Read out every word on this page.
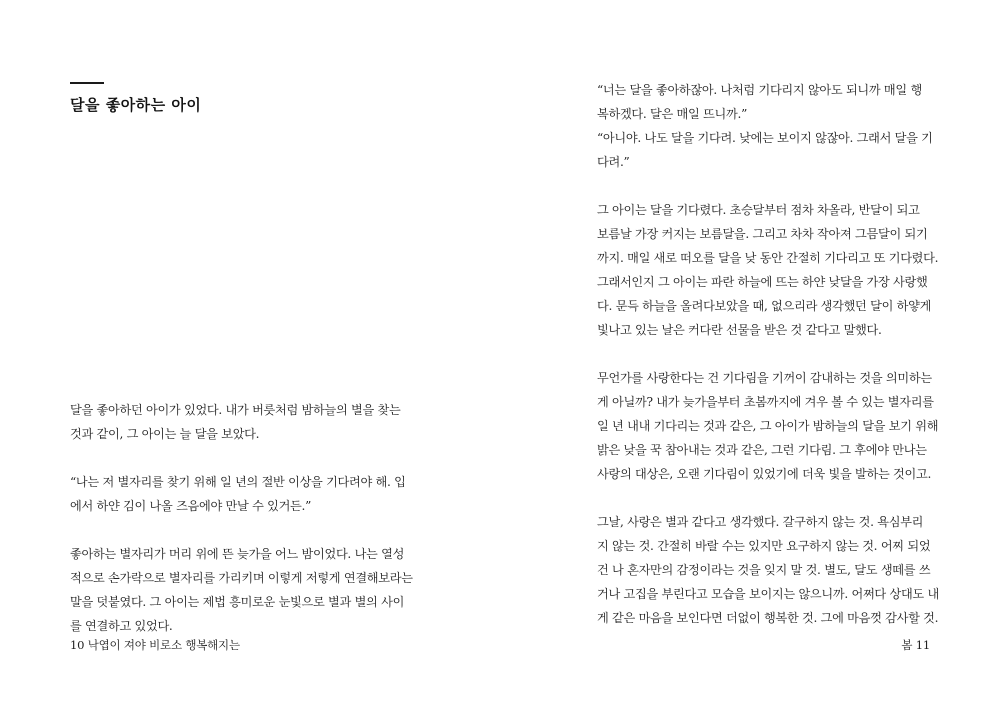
달을 좋아하는 아이

달을 좋아하던 아이가 있었다. 내가 버릇처럼 밤하늘의 별을 찾는
것과 같이, 그 아이는 늘 달을 보았다.

“나는 저 별자리를 찾기 위해 일 년의 절반 이상을 기다려야 해. 입
에서 하얀 김이 나올 즈음에야 만날 수 있거든.”

좋아하는 별자리가 머리 위에 뜬 늦가을 어느 밤이었다. 나는 열성
적으로 손가락으로 별자리를 가리키며 이렇게 저렇게 연결해보라는
말을 덧붙였다. 그 아이는 제법 흥미로운 눈빛으로 별과 별의 사이
를 연결하고 있었다.

10 낙엽이 져야 비로소 행복해지는

“너는 달을 좋아하잖아. 나처럼 기다리지 않아도 되니까 매일 행
복하겠다. 달은 매일 뜨니까.”
“아니야. 나도 달을 기다려. 낮에는 보이지 않잖아. 그래서 달을 기
다려.”

그 아이는 달을 기다렸다. 초승달부터 점차 차올라, 반달이 되고
보름날 가장 커지는 보름달을. 그리고 차차 작아져 그믐달이 되기
까지. 매일 새로 떠오를 달을 낮 동안 간절히 기다리고 또 기다렸다.
그래서인지 그 아이는 파란 하늘에 뜨는 하얀 낮달을 가장 사랑했
다. 문득 하늘을 올려다보았을 때, 없으리라 생각했던 달이 하얗게
빛나고 있는 날은 커다란 선물을 받은 것 같다고 말했다.

무언가를 사랑한다는 건 기다림을 기꺼이 감내하는 것을 의미하는
게 아닐까? 내가 늦가을부터 초봄까지에 겨우 볼 수 있는 별자리를
일 년 내내 기다리는 것과 같은, 그 아이가 밤하늘의 달을 보기 위해
밝은 낮을 꾹 참아내는 것과 같은, 그런 기다림. 그 후에야 만나는
사랑의 대상은, 오랜 기다림이 있었기에 더욱 빛을 발하는 것이고.

그날, 사랑은 별과 같다고 생각했다. 갈구하지 않는 것. 욕심부리
지 않는 것. 간절히 바랄 수는 있지만 요구하지 않는 것. 어찌 되었
건 나 혼자만의 감정이라는 것을 잊지 말 것. 별도, 달도 생떼를 쓰
거나 고집을 부린다고 모습을 보이지는 않으니까. 어쩌다 상대도 내
게 같은 마음을 보인다면 더없이 행복한 것. 그에 마음껏 감사할 것.

봄 11
